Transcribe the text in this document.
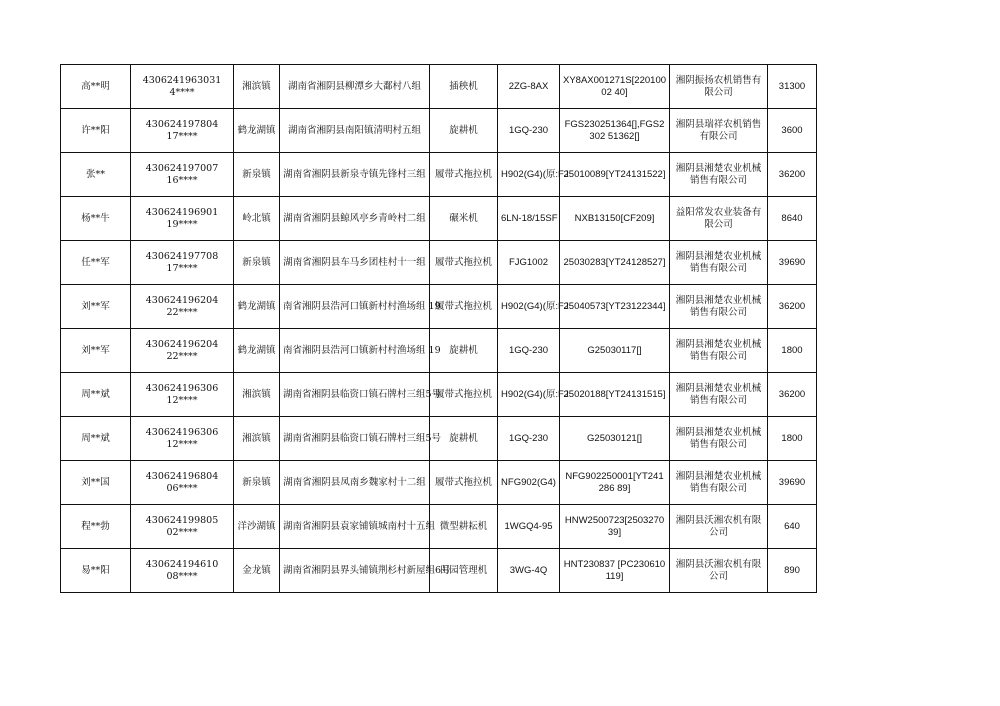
高**明	4306241963031 4****	湘滨镇	湖南省湘阴县柳潭乡大鄱村八组	插秧机	2ZG-8AX	XY8AX001271S[22010002 40]	湘阴振扬农机销售有限公司	31300
许**阳	430624197804 17****	鹤龙湖镇	湖南省湘阴县南阳镇清明村五组	旋耕机	1GQ-230	FGS230251364[],FGS2302 51362[]	湘阴县瑞祥农机销售有限公司	3600
张**	430624197007 16****	新泉镇	湖南省湘阴县新泉寺镇先锋村三组	履带式拖拉机	H902(G4)(原:FJ	25010089[YT24131522]	湘阴县湘楚农业机械销售有限公司	36200
杨**牛	430624196901 19****	岭北镇	湖南省湘阴县鲸风亭乡青岭村二组	碾米机	6LN-18/15SF	NXB13150[CF209]	益阳常发农业装备有限公司	8640
任**军	430624197708 17****	新泉镇	湖南省湘阴县车马乡团桂村十一组	履带式拖拉机	FJG1002	25030283[YT24128527]	湘阴县湘楚农业机械销售有限公司	39690
刘**军	430624196204 22****	鹤龙湖镇	南省湘阴县浩河口镇新村村渔场组 19	履带式拖拉机	H902(G4)(原:FJ	25040573[YT23122344]	湘阴县湘楚农业机械销售有限公司	36200
刘**军	430624196204 22****	鹤龙湖镇	南省湘阴县浩河口镇新村村渔场组 19	旋耕机	1GQ-230	G25030117[]	湘阴县湘楚农业机械销售有限公司	1800
周**斌	430624196306 12****	湘滨镇	湖南省湘阴县临资口镇石牌村三组5号	履带式拖拉机	H902(G4)(原:FJ	25020188[YT24131515]	湘阴县湘楚农业机械销售有限公司	36200
周**斌	430624196306 12****	湘滨镇	湖南省湘阴县临资口镇石牌村三组5号	旋耕机	1GQ-230	G25030121[]	湘阴县湘楚农业机械销售有限公司	1800
刘**国	430624196804 06****	新泉镇	湖南省湘阴县凤南乡魏家村十二组	履带式拖拉机	NFG902(G4)	NFG902250001[YT241286 89]	湘阴县湘楚农业机械销售有限公司	39690
程**勃	430624199805 02****	洋沙湖镇	湖南省湘阴县袁家铺镇城南村十五组	微型耕耘机	1WGQ4-95	HNW2500723[250327039]	湘阴县沃湘农机有限公司	640
易**阳	430624194610 08****	金龙镇	湖南省湘阴县界头铺镇荆杉村新屋组6号	田园管理机	3WG-4Q	HNT230837 [PC230610119]	湘阴县沃湘农机有限公司	890
